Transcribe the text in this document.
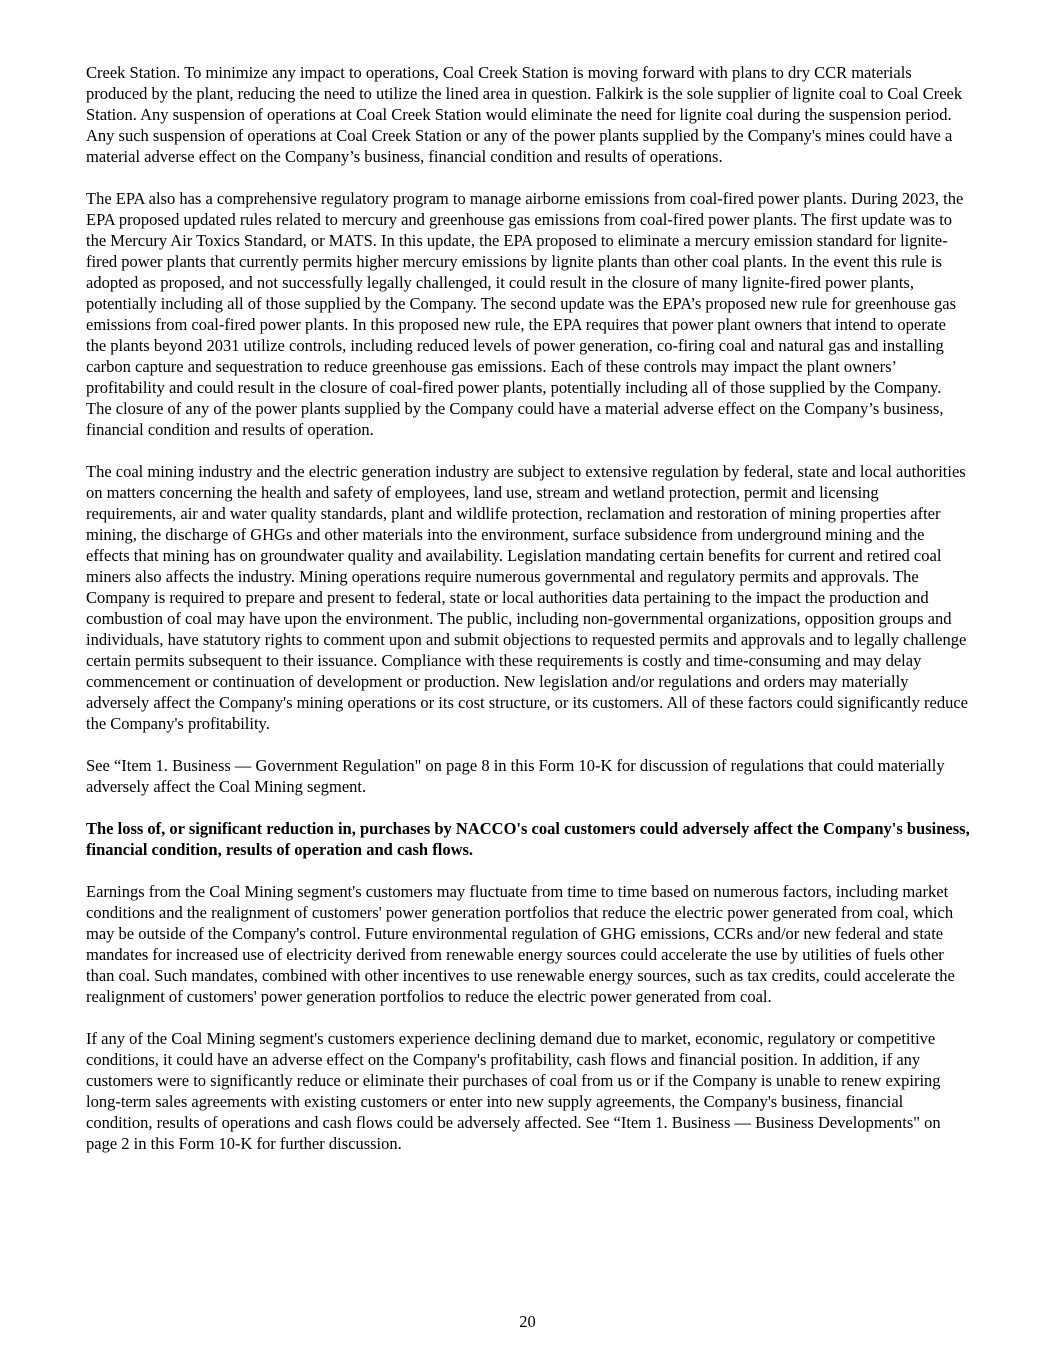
Creek Station. To minimize any impact to operations, Coal Creek Station is moving forward with plans to dry CCR materials produced by the plant, reducing the need to utilize the lined area in question. Falkirk is the sole supplier of lignite coal to Coal Creek Station. Any suspension of operations at Coal Creek Station would eliminate the need for lignite coal during the suspension period. Any such suspension of operations at Coal Creek Station or any of the power plants supplied by the Company's mines could have a material adverse effect on the Company’s business, financial condition and results of operations.

The EPA also has a comprehensive regulatory program to manage airborne emissions from coal-fired power plants. During 2023, the EPA proposed updated rules related to mercury and greenhouse gas emissions from coal-fired power plants. The first update was to the Mercury Air Toxics Standard, or MATS. In this update, the EPA proposed to eliminate a mercury emission standard for lignite-fired power plants that currently permits higher mercury emissions by lignite plants than other coal plants. In the event this rule is adopted as proposed, and not successfully legally challenged, it could result in the closure of many lignite-fired power plants, potentially including all of those supplied by the Company. The second update was the EPA’s proposed new rule for greenhouse gas emissions from coal-fired power plants. In this proposed new rule, the EPA requires that power plant owners that intend to operate the plants beyond 2031 utilize controls, including reduced levels of power generation, co-firing coal and natural gas and installing carbon capture and sequestration to reduce greenhouse gas emissions. Each of these controls may impact the plant owners’ profitability and could result in the closure of coal-fired power plants, potentially including all of those supplied by the Company. The closure of any of the power plants supplied by the Company could have a material adverse effect on the Company’s business, financial condition and results of operation.

The coal mining industry and the electric generation industry are subject to extensive regulation by federal, state and local authorities on matters concerning the health and safety of employees, land use, stream and wetland protection, permit and licensing requirements, air and water quality standards, plant and wildlife protection, reclamation and restoration of mining properties after mining, the discharge of GHGs and other materials into the environment, surface subsidence from underground mining and the effects that mining has on groundwater quality and availability. Legislation mandating certain benefits for current and retired coal miners also affects the industry. Mining operations require numerous governmental and regulatory permits and approvals. The Company is required to prepare and present to federal, state or local authorities data pertaining to the impact the production and combustion of coal may have upon the environment. The public, including non-governmental organizations, opposition groups and individuals, have statutory rights to comment upon and submit objections to requested permits and approvals and to legally challenge certain permits subsequent to their issuance. Compliance with these requirements is costly and time-consuming and may delay commencement or continuation of development or production. New legislation and/or regulations and orders may materially adversely affect the Company's mining operations or its cost structure, or its customers. All of these factors could significantly reduce the Company's profitability.

See “Item 1. Business — Government Regulation" on page 8 in this Form 10-K for discussion of regulations that could materially adversely affect the Coal Mining segment.

The loss of, or significant reduction in, purchases by NACCO's coal customers could adversely affect the Company's business, financial condition, results of operation and cash flows.

Earnings from the Coal Mining segment's customers may fluctuate from time to time based on numerous factors, including market conditions and the realignment of customers' power generation portfolios that reduce the electric power generated from coal, which may be outside of the Company's control. Future environmental regulation of GHG emissions, CCRs and/or new federal and state mandates for increased use of electricity derived from renewable energy sources could accelerate the use by utilities of fuels other than coal. Such mandates, combined with other incentives to use renewable energy sources, such as tax credits, could accelerate the realignment of customers' power generation portfolios to reduce the electric power generated from coal.

If any of the Coal Mining segment's customers experience declining demand due to market, economic, regulatory or competitive conditions, it could have an adverse effect on the Company's profitability, cash flows and financial position. In addition, if any customers were to significantly reduce or eliminate their purchases of coal from us or if the Company is unable to renew expiring long-term sales agreements with existing customers or enter into new supply agreements, the Company's business, financial condition, results of operations and cash flows could be adversely affected. See “Item 1. Business — Business Developments" on page 2 in this Form 10-K for further discussion.

20
